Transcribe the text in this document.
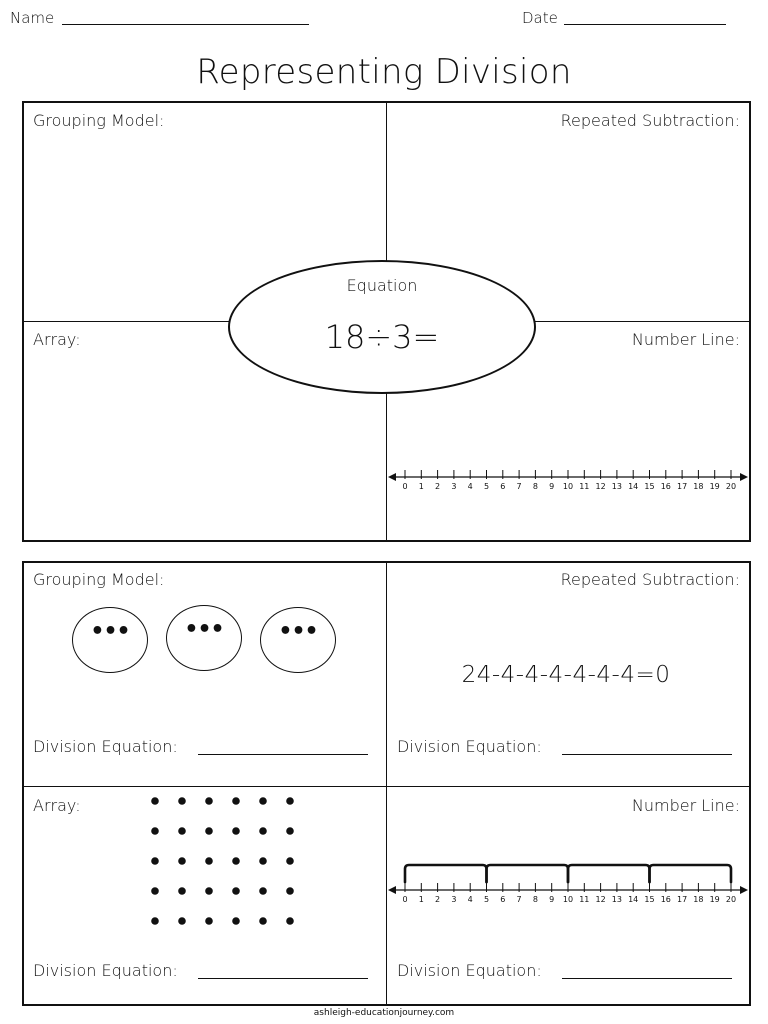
Name	Date
Representing Division
Grouping Model:	Repeated Subtraction:
Array:	Number Line:
Equation
18÷3=
0 1 2 3 4 5 6 7 8 9 10 11 12 13 14 15 16 17 18 19 20
Grouping Model:	Repeated Subtraction:
Array:	Number Line:
•••	•••	•••
24-4-4-4-4-4-4=0
Division Equation:	Division Equation:
Division Equation:	Division Equation:
0 1 2 3 4 5 6 7 8 9 10 11 12 13 14 15 16 17 18 19 20
ashleigh-educationjourney.com
